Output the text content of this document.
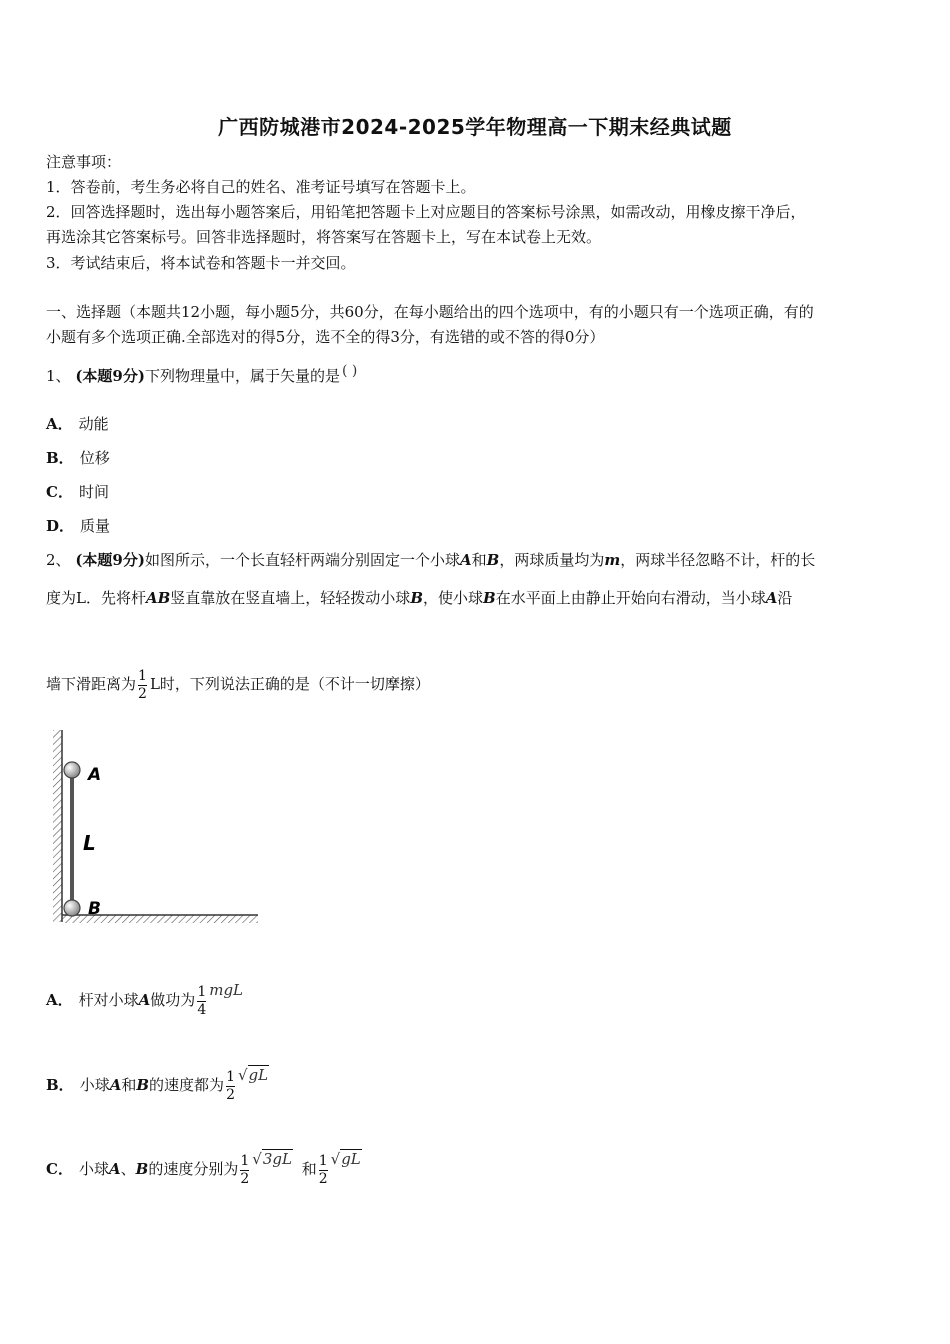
广西防城港市2024-2025学年物理高一下期末经典试题
注意事项：
1．答卷前，考生务必将自己的姓名、准考证号填写在答题卡上。
2．回答选择题时，选出每小题答案后，用铅笔把答题卡上对应题目的答案标号涂黑，如需改动，用橡皮擦干净后，
再选涂其它答案标号。回答非选择题时，将答案写在答题卡上，写在本试卷上无效。
3．考试结束后，将本试卷和答题卡一并交回。
一、选择题（本题共12小题，每小题5分，共60分，在每小题给出的四个选项中，有的小题只有一个选项正确，有的
小题有多个选项正确.全部选对的得5分，选不全的得3分，有选错的或不答的得0分）
1、 (本题9分)下列物理量中，属于矢量的是 ( )
A． 动能
B． 位移
C． 时间
D． 质量
2、 (本题9分)如图所示，一个长直轻杆两端分别固定一个小球A和B，两球质量均为m，两球半径忽略不计，杆的长
度为L．先将杆AB竖直靠放在竖直墙上，轻轻拨动小球B，使小球B在水平面上由静止开始向右滑动，当小球A沿
墙下滑距离为 $\frac{1}{2}$ L时，下列说法正确的是（不计一切摩擦）
A
L
B
A． 杆对小球A做功为 $\frac{1}{4}$ mgL
B． 小球A和B的速度都为 $\frac{1}{2} √gL$
C． 小球A、B的速度分别为 $\frac{1}{2} √3gL$ 和 $\frac{1}{2} √gL$
